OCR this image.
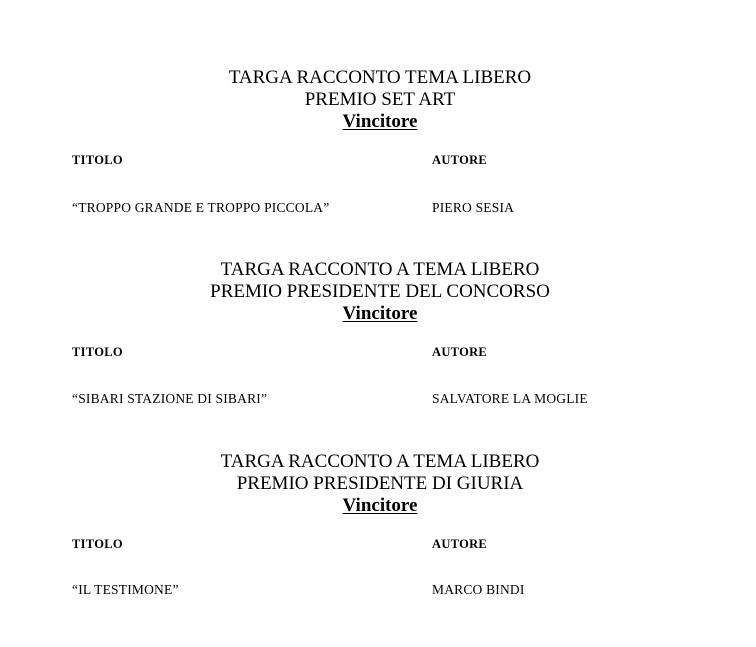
TARGA RACCONTO TEMA LIBERO
PREMIO SET ART
Vincitore
TITOLO	AUTORE
“TROPPO GRANDE E TROPPO PICCOLA”	PIERO SESIA
TARGA RACCONTO A TEMA LIBERO
PREMIO PRESIDENTE DEL CONCORSO
Vincitore
TITOLO	AUTORE
“SIBARI STAZIONE DI SIBARI”	SALVATORE LA MOGLIE
TARGA RACCONTO A TEMA LIBERO
PREMIO PRESIDENTE DI GIURIA
Vincitore
TITOLO	AUTORE
“IL TESTIMONE”	MARCO BINDI
